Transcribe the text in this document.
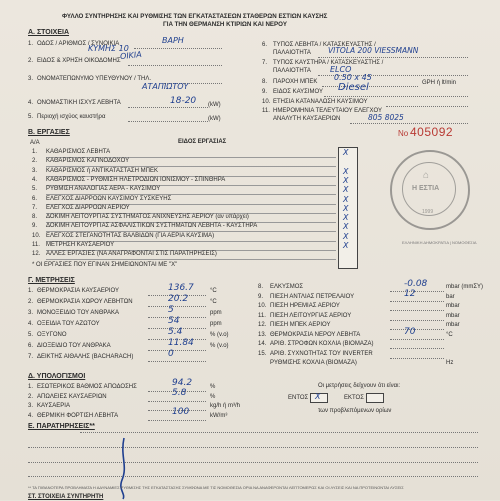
ΦΥΛΛΟ ΣΥΝΤΗΡΗΣΗΣ ΚΑΙ ΡΥΘΜΙΣΗΣ ΤΩΝ ΕΓΚΑΤΑΣΤΑΣΕΩΝ ΣΤΑΘΕΡΩΝ ΕΣΤΙΩΝ ΚΑΥΣΗΣ
ΓΙΑ ΤΗΝ ΘΕΡΜΑΝΣΗ ΚΤΙΡΙΩΝ ΚΑΙ ΝΕΡΟΥ
Α. ΣΤΟΙΧΕΙΑ
1. ΟΔΟΣ / ΑΡΙΘΜΟΣ / ΣΥΝΟΙΚΙΑ	ΒΑΡΗ
ΚΥΜΗΣ 10
2. ΕΙΔΟΣ & ΧΡΗΣΗ ΟΙΚΟΔΟΜΗΣ
ΟΙΚΙΑ
3. ΟΝΟΜΑΤΕΠΩΝΥΜΟ ΥΠΕΥΘΥΝΟΥ / ΤΗΛ.
ΑΤΑΠΙΩΤΟΥ
4. ΟΝΟΜΑΣΤΙΚΗ ΙΣΧΥΣ ΛΕΒΗΤΑ	18-20 (kW)
5. Περιοχή ισχύος καυστήρα	(kW)
6. ΤΥΠΟΣ ΛΕΒΗΤΑ / ΚΑΤΑΣΚΕΥΑΣΤΗΣ /
ΠΑΛΑΙΟΤΗΤΑ VITOLA 200 VIESSMANN
7. ΤΥΠΟΣ ΚΑΥΣΤΗΡΑ / ΚΑΤΑΣΚΕΥΑΣΤΗΣ /
ΠΑΛΑΙΟΤΗΤΑ ELCO
8. ΠΑΡΟΧΗ ΜΠΕΚ 0.50 x 45
GPH ή lt/min
9. ΕΙΔΟΣ ΚΑΥΣΙΜΟΥ Diesel
10. ΕΤΗΣΙΑ ΚΑΤΑΝΑΛΩΣΗ ΚΑΥΣΙΜΟΥ
11. ΗΜΕΡΟΜΗΝΙΑ ΤΕΛΕΥΤΑΙΟΥ ΕΛΕΓΧΟΥ
ΑΝΑΛΥΤΗ ΚΑΥΣΑΕΡΙΩΝ	805 8025
Β. ΕΡΓΑΣΙΕΣ	No 405092
Α/Α	ΕΙΔΟΣ ΕΡΓΑΣΙΑΣ
1. ΚΑΘΑΡΙΣΜΟΣ ΛΕΒΗΤΑ	X
2. ΚΑΘΑΡΙΣΜΟΣ ΚΑΠΝΟΔΟΧΟΥ
3. ΚΑΘΑΡΙΣΜΟΣ ή ΑΝΤΙΚΑΤΑΣΤΑΣΗ ΜΠΕΚ	X
4. ΚΑΘΑΡΙΣΜΟΣ - ΡΥΘΜΙΣΗ ΗΛΕΤΡΟΔΙΩΝ ΙΟΝΙΣΜΟΥ - ΣΠΙΝΘΗΡΑ	X
5. ΡΥΘΜΙΣΗ ΑΝΑΛΟΓΙΑΣ ΑΕΡΑ - ΚΑΥΣΙΜΟΥ	X
6. ΕΛΕΓΧΟΣ ΔΙΑΡΡΟΩΝ ΚΑΥΣΙΜΟΥ ΣΥΣΚΕΥΗΣ	X
7. ΕΛΕΓΧΟΣ ΔΙΑΡΡΟΩΝ ΑΕΡΙΟΥ	X
8. ΔΟΚΙΜΗ ΛΕΙΤΟΥΡΓΙΑΣ ΣΥΣΤΗΜΑΤΟΣ ΑΝΙΧΝΕΥΣΗΣ ΑΕΡΙΟΥ (αν υπάρχει)	X
9. ΔΟΚΙΜΗ ΛΕΙΤΟΥΡΓΙΑΣ ΑΣΦΑΛΙΣΤΙΚΩΝ ΣΥΣΤΗΜΑΤΩΝ ΛΕΒΗΤΑ - ΚΑΥΣΤΗΡΑ	X
10. ΕΛΕΓΧΟΣ ΣΤΕΓΑΝΟΤΗΤΑΣ ΒΑΛΒΙΔΩΝ (ΓΙΑ ΑΕΡΙΑ ΚΑΥΣΙΜΑ)	X
11. ΜΕΤΡΗΣΗ ΚΑΥΣΑΕΡΙΟΥ	X
12. ΑΛΛΕΣ ΕΡΓΑΣΙΕΣ (ΝΑ ΑΝΑΓΡΑΦΟΝΤΑΙ ΣΤΙΣ ΠΑΡΑΤΗΡΗΣΕΙΣ)
* ΟΙ ΕΡΓΑΣΙΕΣ ΠΟΥ ΕΓΙΝΑΝ ΣΗΜΕΙΩΝΟΝΤΑΙ ΜΕ "Χ"
Η ΕΣΤΙΑ
1999
⌂
ΕΛΛΗΝΙΚΗ ΔΗΜΟΚΡΑΤΙΑ | ΝΟΜΟΘΕΣΙΑ
Γ. ΜΕΤΡΗΣΕΙΣ
1. ΘΕΡΜΟΚΡΑΣΙΑ ΚΑΥΣΑΕΡΙΟΥ	136.7	°C
2. ΘΕΡΜΟΚΡΑΣΙΑ ΧΩΡΟΥ ΛΕΒΗΤΩΝ	20.2	°C
3. ΜΟΝΟΞΕΙΔΙΟ ΤΟΥ ΑΝΘΡΑΚΑ	5	ppm
4. ΟΞΕΙΔΙΑ ΤΟΥ ΑΖΩΤΟΥ	54	ppm
5. ΟΞΥΓΟΝΟ	5.4	% (v.o)
6. ΔΙΟΞΕΙΔΙΟ ΤΟΥ ΑΝΘΡΑΚΑ	11.84	% (v.o)
7. ΔΕΙΚΤΗΣ ΑΙΘΑΛΗΣ (BACHARACH)	0
8. ΕΛΚΥΣΜΟΣ	-0.08	mbar (mmΣΥ)
9. ΠΙΕΣΗ ΑΝΤΛΙΑΣ ΠΕΤΡΕΛΑΙΟΥ	12	bar
10. ΠΙΕΣΗ ΗΡΕΜΙΑΣ ΑΕΡΙΟΥ	mbar
11. ΠΙΕΣΗ ΛΕΙΤΟΥΡΓΙΑΣ ΑΕΡΙΟΥ	mbar
12. ΠΙΕΣΗ ΜΠΕΚ ΑΕΡΙΟΥ	mbar
13. ΘΕΡΜΟΚΡΑΣΙΑ ΝΕΡΟΥ ΛΕΒΗΤΑ	70	°C
14. ΑΡΙΘ. ΣΤΡΟΦΩΝ ΚΟΧΛΙΑ (ΒΙΟΜΑΖΑ)
15. ΑΡΙΘ. ΣΥΧΝΟΤΗΤΑΣ ΤΟΥ INVERTER
ΡΥΘΜΙΣΗΣ ΚΟΧΛΙΑ (ΒΙΟΜΑΖΑ)	Hz
Δ. ΥΠΟΛΟΓΙΣΜΟΙ
1. ΕΣΩΤΕΡΙΚΟΣ ΒΑΘΜΟΣ ΑΠΟΔΟΣΗΣ	94.2	%
2. ΑΠΩΛΕΙΕΣ ΚΑΥΣΑΕΡΙΩΝ	5.8	%
3. ΚΑΥΣΑΕΡΙΑ	kg/h ή m³/h
4. ΘΕΡΜΙΚΗ ΦΟΡΤΙΣΗ ΛΕΒΗΤΑ	100	kW/m³
Οι μετρήσεις δείχνουν ότι είναι:
ΕΝΤΟΣ X	ΕΚΤΟΣ
των προβλεπόμενων ορίων
Ε. ΠΑΡΑΤΗΡΗΣΕΙΣ**
** ΤΑ ΠΙΘΑΝΟΤΕΡΑ ΠΡΟΒΛΗΜΑΤΑ Η ΑΔΥΝΑΜΙΕΣ ΡΥΘΜΙΣΗΣ ΤΗΣ ΕΓΚΑΤΑΣΤΑΣΗΣ ΣΥΜΦΩΝΑ ΜΕ ΤΙΣ ΝΟΜΟΘΕΣΙΑ ΟΡΙΑ ΝΑ ΑΝΑΦΕΡΟΝΤΑΙ ΛΕΠΤΟΜΕΡΩΣ ΚΑΙ ΟΙ ΛΥΣΕΙΣ ΚΑΙ ΝΑ ΠΡΟΤΕΙΝΟΝΤΑΙ ΛΥΣΕΙΣ
ΣΤ. ΣΤΟΙΧΕΙΑ ΣΥΝΤΗΡΗΤΗ
